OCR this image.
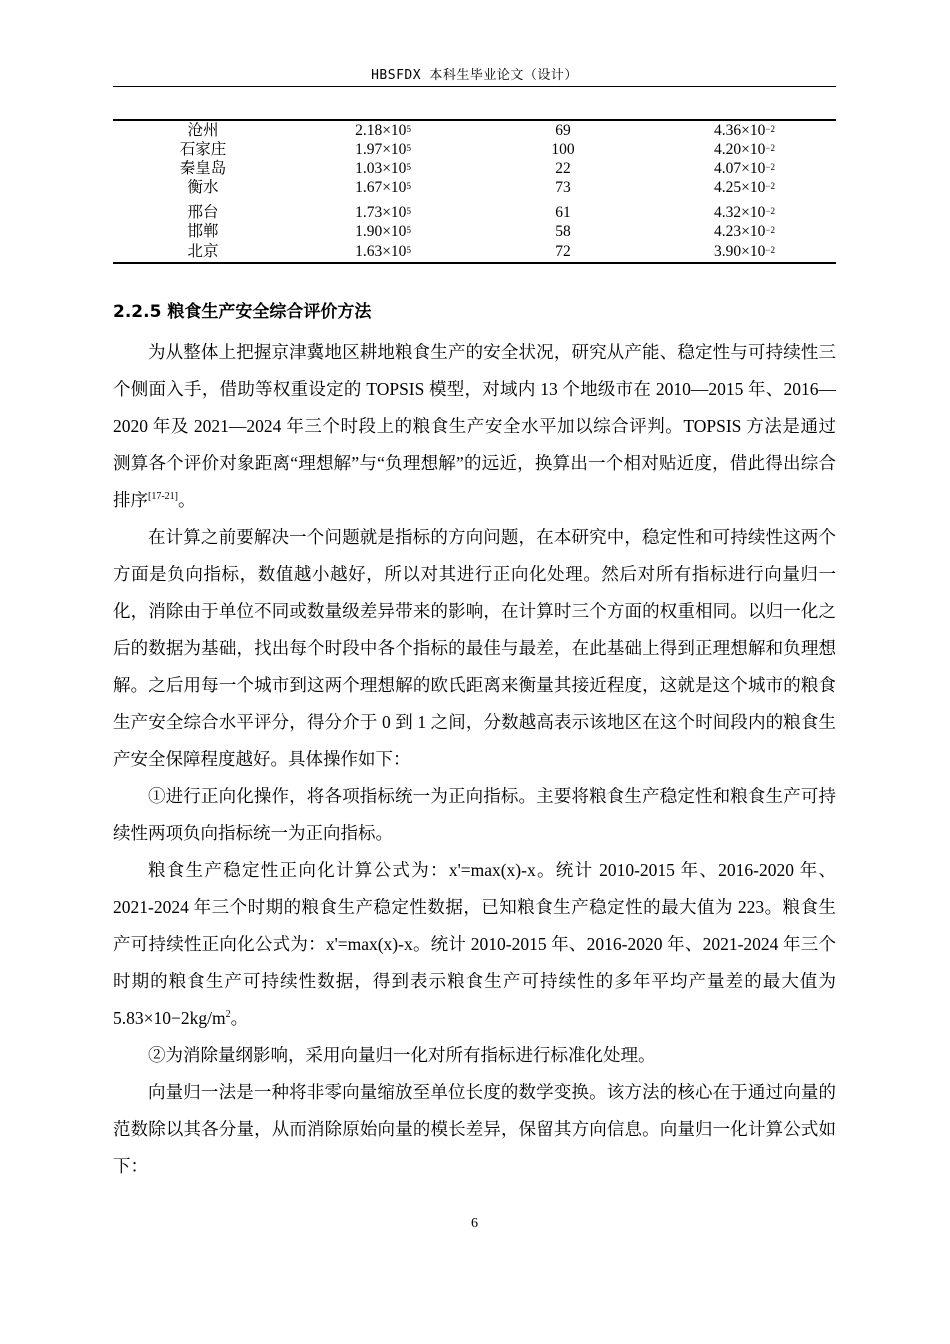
HBSFDX 本科生毕业论文（设计）
沧州	$2.18\times 10^5$	69	$4.36\times 10^{-2}$
石家庄	$1.97\times 10^5$	100	$4.20\times 10^{-2}$
秦皇岛	$1.03\times 10^5$	22	$4.07\times 10^{-2}$
衡水	$1.67\times 10^5$	73	$4.25\times 10^{-2}$
邢台	$1.73\times 10^5$	61	$4.32\times 10^{-2}$
邯郸	$1.90\times 10^5$	58	$4.23\times 10^{-2}$
北京	$1.63\times 10^5$	72	$3.90\times 10^{-2}$
2.2.5 粮食生产安全综合评价方法

为从整体上把握京津冀地区耕地粮食生产的安全状况，研究从产能、稳定性与可持续性三个侧面入手，借助等权重设定的 TOPSIS 模型，对域内 13 个地级市在 2010—2015 年、2016—2020 年及 2021—2024 年三个时段上的粮食生产安全水平加以综合评判。TOPSIS 方法是通过测算各个评价对象距离“理想解”与“负理想解”的远近，换算出一个相对贴近度，借此得出综合排序[17-21]。

在计算之前要解决一个问题就是指标的方向问题，在本研究中，稳定性和可持续性这两个方面是负向指标，数值越小越好，所以对其进行正向化处理。然后对所有指标进行向量归一化，消除由于单位不同或数量级差异带来的影响，在计算时三个方面的权重相同。以归一化之后的数据为基础，找出每个时段中各个指标的最佳与最差，在此基础上得到正理想解和负理想解。之后用每一个城市到这两个理想解的欧氏距离来衡量其接近程度，这就是这个城市的粮食生产安全综合水平评分，得分介于 0 到 1 之间，分数越高表示该地区在这个时间段内的粮食生产安全保障程度越好。具体操作如下：

①进行正向化操作，将各项指标统一为正向指标。主要将粮食生产稳定性和粮食生产可持续性两项负向指标统一为正向指标。

粮食生产稳定性正向化计算公式为：x'=max(x)-x。统计 2010-2015 年、2016-2020 年、2021-2024 年三个时期的粮食生产稳定性数据，已知粮食生产稳定性的最大值为 223。粮食生产可持续性正向化公式为：x'=max(x)-x。统计 2010-2015 年、2016-2020 年、2021-2024 年三个时期的粮食生产可持续性数据，得到表示粮食生产可持续性的多年平均产量差的最大值为 $5.83\times 10-2kg/m^2$。

②为消除量纲影响，采用向量归一化对所有指标进行标准化处理。

向量归一法是一种将非零向量缩放至单位长度的数学变换。该方法的核心在于通过向量的范数除以其各分量，从而消除原始向量的模长差异，保留其方向信息。向量归一化计算公式如下：

6
